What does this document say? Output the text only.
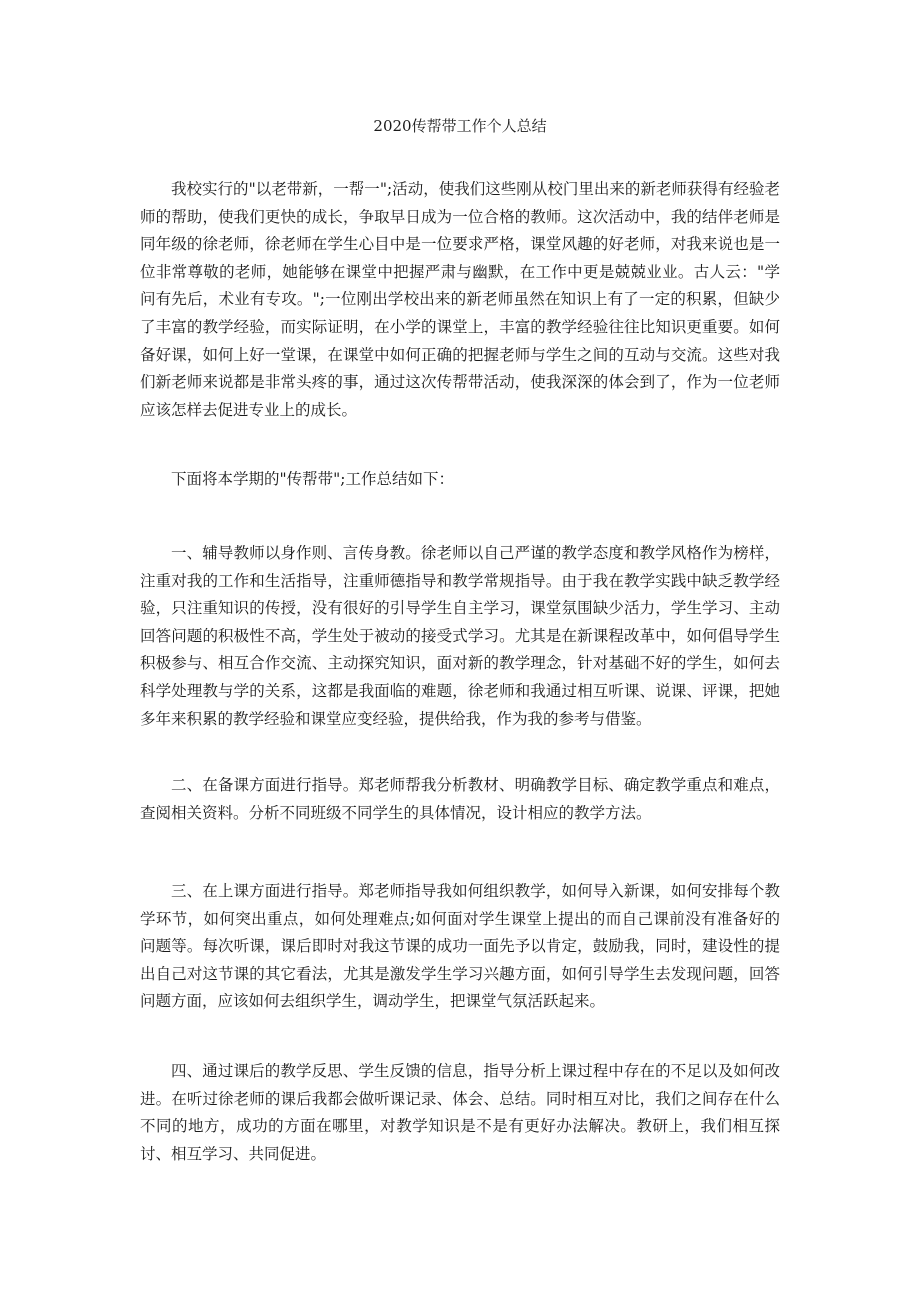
2020传帮带工作个人总结

我校实行的"以老带新，一帮一";活动，使我们这些刚从校门里出来的新老师获得有经验老师的帮助，使我们更快的成长，争取早日成为一位合格的教师。这次活动中，我的结伴老师是同年级的徐老师，徐老师在学生心目中是一位要求严格，课堂风趣的好老师，对我来说也是一位非常尊敬的老师，她能够在课堂中把握严肃与幽默，在工作中更是兢兢业业。古人云："学问有先后，术业有专攻。";一位刚出学校出来的新老师虽然在知识上有了一定的积累，但缺少了丰富的教学经验，而实际证明，在小学的课堂上，丰富的教学经验往往比知识更重要。如何备好课，如何上好一堂课，在课堂中如何正确的把握老师与学生之间的互动与交流。这些对我们新老师来说都是非常头疼的事，通过这次传帮带活动，使我深深的体会到了，作为一位老师应该怎样去促进专业上的成长。

下面将本学期的"传帮带";工作总结如下：

一、辅导教师以身作则、言传身教。徐老师以自己严谨的教学态度和教学风格作为榜样，注重对我的工作和生活指导，注重师德指导和教学常规指导。由于我在教学实践中缺乏教学经验，只注重知识的传授，没有很好的引导学生自主学习，课堂氛围缺少活力，学生学习、主动回答问题的积极性不高，学生处于被动的接受式学习。尤其是在新课程改革中，如何倡导学生积极参与、相互合作交流、主动探究知识，面对新的教学理念，针对基础不好的学生，如何去科学处理教与学的关系，这都是我面临的难题，徐老师和我通过相互听课、说课、评课，把她多年来积累的教学经验和课堂应变经验，提供给我，作为我的参考与借鉴。

二、在备课方面进行指导。郑老师帮我分析教材、明确教学目标、确定教学重点和难点，查阅相关资料。分析不同班级不同学生的具体情况，设计相应的教学方法。

三、在上课方面进行指导。郑老师指导我如何组织教学，如何导入新课，如何安排每个教学环节，如何突出重点，如何处理难点;如何面对学生课堂上提出的而自己课前没有准备好的问题等。每次听课，课后即时对我这节课的成功一面先予以肯定，鼓励我，同时，建设性的提出自己对这节课的其它看法，尤其是激发学生学习兴趣方面，如何引导学生去发现问题，回答问题方面，应该如何去组织学生，调动学生，把课堂气氛活跃起来。

四、通过课后的教学反思、学生反馈的信息，指导分析上课过程中存在的不足以及如何改进。在听过徐老师的课后我都会做听课记录、体会、总结。同时相互对比，我们之间存在什么不同的地方，成功的方面在哪里，对教学知识是不是有更好办法解决。教研上，我们相互探讨、相互学习、共同促进。
